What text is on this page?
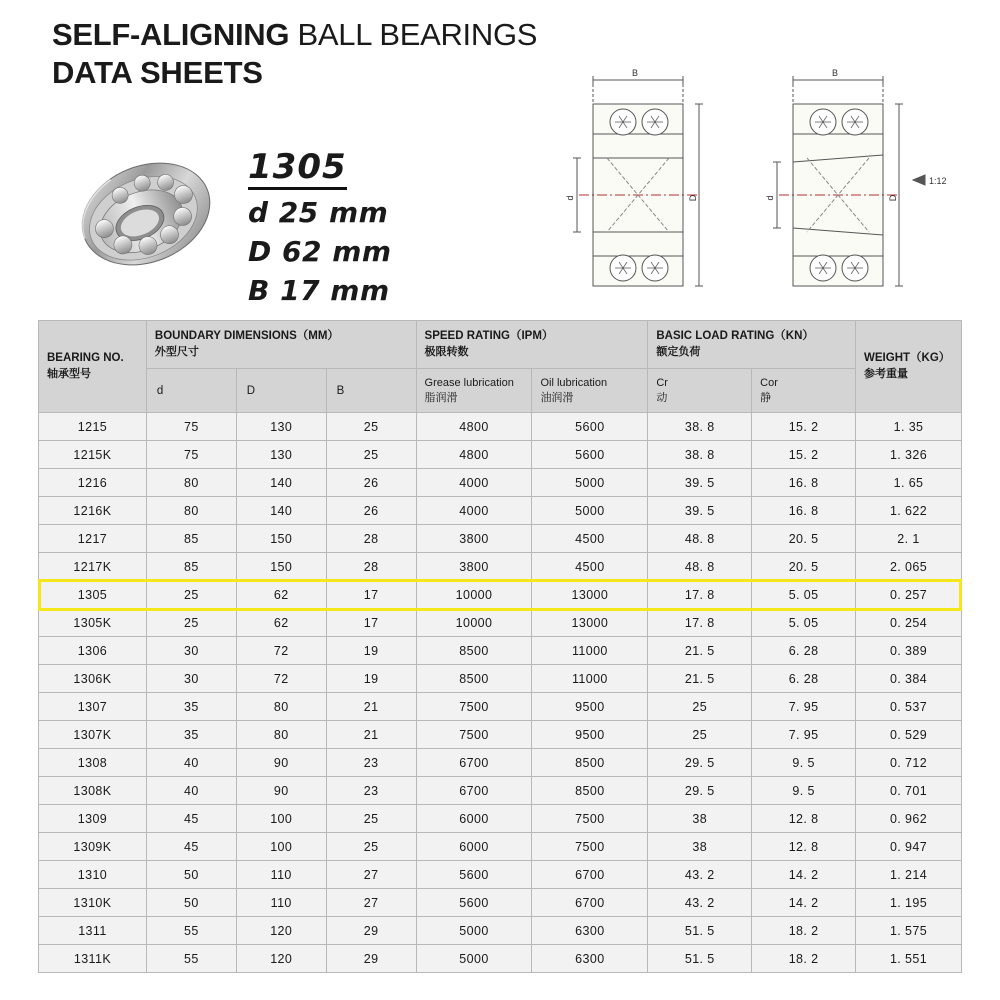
SELF-ALIGNING BALL BEARINGS
DATA SHEETS
1305
d 25 mm
D 62 mm
B 17 mm
B
d	D
B
d	D
1:12
BEARING NO.
轴承型号

BOUNDARY DIMENSIONS（MM）
外型尺寸

SPEED RATING（IPM）
极限转数

BASIC LOAD RATING（KN）
额定负荷

WEIGHT（KG）
参考重量

d	D	B	
Grease lubrication
脂润滑

Oil lubrication
油润滑

Cr
动

Cor
静

1215	75	130	25	4800	5600	38. 8	15. 2	1. 35
1215K	75	130	25	4800	5600	38. 8	15. 2	1. 326
1216	80	140	26	4000	5000	39. 5	16. 8	1. 65
1216K	80	140	26	4000	5000	39. 5	16. 8	1. 622
1217	85	150	28	3800	4500	48. 8	20. 5	2. 1
1217K	85	150	28	3800	4500	48. 8	20. 5	2. 065
1305	25	62	17	10000	13000	17. 8	5. 05	0. 257
1305K	25	62	17	10000	13000	17. 8	5. 05	0. 254
1306	30	72	19	8500	11000	21. 5	6. 28	0. 389
1306K	30	72	19	8500	11000	21. 5	6. 28	0. 384
1307	35	80	21	7500	9500	25	7. 95	0. 537
1307K	35	80	21	7500	9500	25	7. 95	0. 529
1308	40	90	23	6700	8500	29. 5	9. 5	0. 712
1308K	40	90	23	6700	8500	29. 5	9. 5	0. 701
1309	45	100	25	6000	7500	38	12. 8	0. 962
1309K	45	100	25	6000	7500	38	12. 8	0. 947
1310	50	110	27	5600	6700	43. 2	14. 2	1. 214
1310K	50	110	27	5600	6700	43. 2	14. 2	1. 195
1311	55	120	29	5000	6300	51. 5	18. 2	1. 575
1311K	55	120	29	5000	6300	51. 5	18. 2	1. 551
